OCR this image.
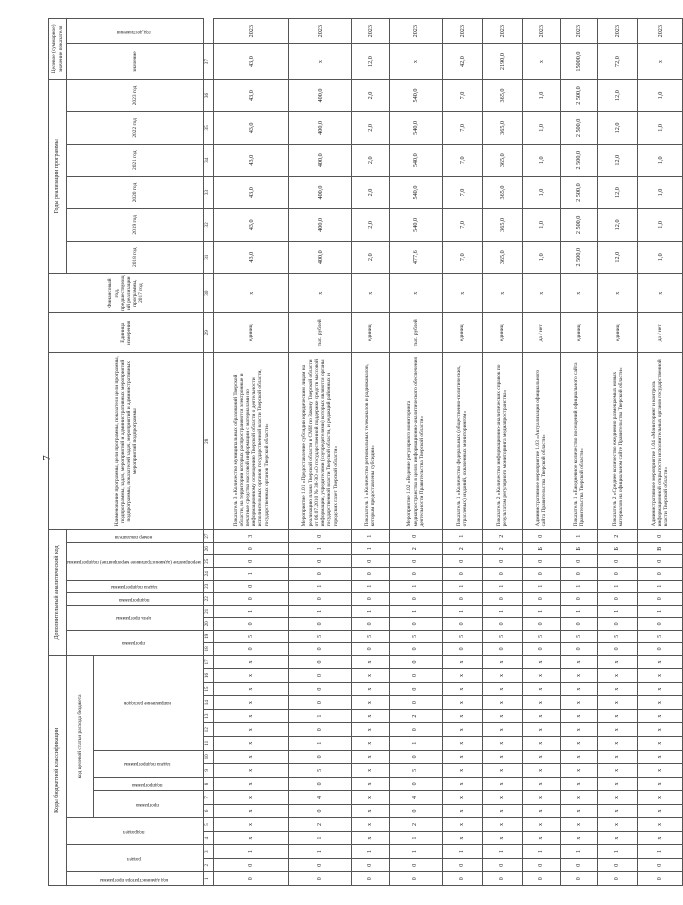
7
Коды бюджетной классификации																	Дополнительный аналитический код										Наименование программы, цели программы, показателя цели программы, подпрограммы, задач, мероприятий и административных мероприятий подпрограммы, показателей задач, мероприятий и административных мероприятий подпрограммы	Единица измерения	Финансовый год, предшествующий реализации программы, 2017 год	Годы реализации программы						Целевое (суммарное) значение показателя	
код администратора программы	раздел		подраздел		код целевой статьи расхода бюджета												программа		цель программы		подпрограмма	задача подпрограммы	мероприятие (административное мероприятие) подпрограммы			номер показателя				2018 год	2019 год	2020 год	2021 год	2022 год	2023 год	значение	год достижения
					программа		подпрограмма	задача подпрограммы		направление расходов																											
1	2	3	4	5	6	7	8	9	10	11	12	13	14	15	16	17	18	19	20	21	22	23	24	25	26	27	28	29	30	31	32	33	34	35	36	37	
0	0	1	х	х	х	х	х	х	х	х	х	х	х	х	х	х	0	5	0	1	0	0	1	0	0	3	Показатель 3 «Количество муниципальных образований Тверской области, на территории которых распространяются электронные и печатные средства массовой информации с материалами по информационному освещению Тверской области о деятельности исполнительных органов государственной власти Тверской области, государственных органов Тверской области»	единиц	х	43,0	43,0	43,0	43,0	43,0	43,0	43,0	2023
0	0	1	1	2	0	4	0	5	0	1	0	1	0	0	0	0	0	5	0	1	0	1	0	0	1	0	Мероприятие 1.01 «Предоставление субсидии юридическим лицам на реализацию плана Тверской области в СМИ по Закону Тверской области от 06.07.2010 № 38-ЗО «О государственной поддержке средств массовой информации, учредителями (соучредителями) которых являются органы государственной власти Тверской области, и редакций районных и городских газет Тверской области»	тыс. рублей	х	400,0	400,0	400,0	400,0	400,0	400,0	х	2023
0	0	1	х	х	х	х	х	х	х	х	х	х	х	х	х	х	0	5	0	1	0	1	0	0	1	1	Показатель 1 «Количество региональных телеканалов и радиоканалов, которым предоставлены субсидии»	единиц	х	2,0	2,0	2,0	2,0	2,0	2,0	12,0	2023
0	0	1	1	2	0	4	0	5	0	1	0	2	0	0	0	0	0	5	0	1	0	1	0	0	2	0	Мероприятие 1.02 «Ведение регулярного мониторинга медиапространства в целях информационно-аналитического обеспечения деятельности Правительства Тверской области»	тыс. рублей	х	477,6	540,0	540,0	540,0	540,0	540,0	х	2023
0	0	1	х	х	х	х	х	х	х	х	х	х	х	х	х	х	0	5	0	1	0	1	0	0	2	1	Показатель 1 «Количество федеральных (общественно-политических, отраслевых) изданий, охваченных мониторингом»	единиц	х	7,0	7,0	7,0	7,0	7,0	7,0	42,0	2023
0	0	1	х	х	х	х	х	х	х	х	х	х	х	х	х	х	0	5	0	1	0	1	0	0	2	2	Показатель 2 «Количество информационно-аналитических справок по результатам регулярного мониторинга медиапространства»	единиц	х	365,0	365,0	365,0	365,0	365,0	365,0	2190,0	2023
0	0	1	х	х	х	х	х	х	х	х	х	х	х	х	х	х	0	5	0	1	0	1	0	0	Б	0	Административное мероприятие 1.03 «Актуализация официального сайта Правительства Тверской области»	да / нет	х	1,0	1,0	1,0	1,0	1,0	1,0	х	2023
0	0	1	х	х	х	х	х	х	х	х	х	х	х	х	х	х	0	5	0	1	0	1	0	0	Б	1	Показатель 1 «Ежедневное количество посещений официального сайта Правительства Тверской области»	единиц	х	2 500,0	2 500,0	2 500,0	2 500,0	2 500,0	2 500,0	15000,0	2023
0	0	1	х	х	х	х	х	х	х	х	х	х	х	х	х	х	0	5	0	1	0	1	0	0	Б	2	Показатель 2 «Среднее количество ежедневно размещаемых новых материалов на официальном сайте Правительства Тверской области»	единиц	х	12,0	12,0	12,0	12,0	12,0	12,0	72,0	2023
0	0	1	х	х	х	х	х	х	х	х	х	х	х	х	х	х	0	5	0	1	0	1	0	0	В	0	Административное мероприятие 1.04 «Мониторинг и контроль информационной открытости исполнительных органов государственной власти Тверской области»	да / нет	х	1,0	1,0	1,0	1,0	1,0	1,0	х	2023
